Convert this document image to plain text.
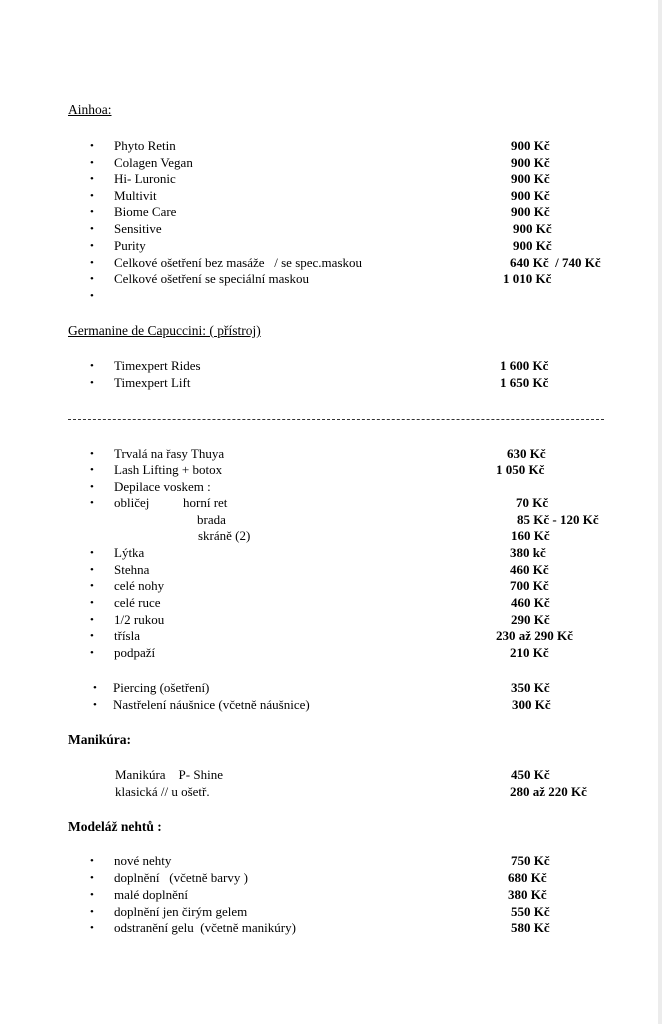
Ainhoa:
• Phyto Retin	900 Kč
• Colagen Vegan	900 Kč
• Hi- Luronic	900 Kč
• Multivit	900 Kč
• Biome Care	900 Kč
• Sensitive	900 Kč
• Purity	900 Kč
• Celkové ošetření bez masáže   / se spec.maskou	640 Kč  / 740 Kč
• Celkové ošetření se speciální maskou	1 010 Kč
•
Germanine de Capuccini: ( přístroj)
• Timexpert Rides	1 600 Kč
• Timexpert Lift	1 650 Kč
• Trvalá na řasy Thuya	630 Kč
• Lash Lifting + botox	1 050 Kč
• Depilace voskem :
• obličej	horní ret	70 Kč
brada	85 Kč - 120 Kč
skráně (2)	160 Kč
• Lýtka	380 kč
• Stehna	460 Kč
• celé nohy	700 Kč
• celé ruce	460 Kč
• 1/2 rukou	290 Kč
• třísla	230 až 290 Kč
• podpaží	210 Kč
• Piercing (ošetření)	350 Kč
• Nastřelení náušnice (včetně náušnice)	300 Kč
Manikúra:
Manikúra    P- Shine	450 Kč
klasická // u ošetř.	280 až 220 Kč
Modeláž nehtů :
• nové nehty	750 Kč
• doplnění   (včetně barvy )	680 Kč
• malé doplnění	380 Kč
• doplnění jen čirým gelem	550 Kč
• odstranění gelu  (včetně manikúry)	580 Kč
